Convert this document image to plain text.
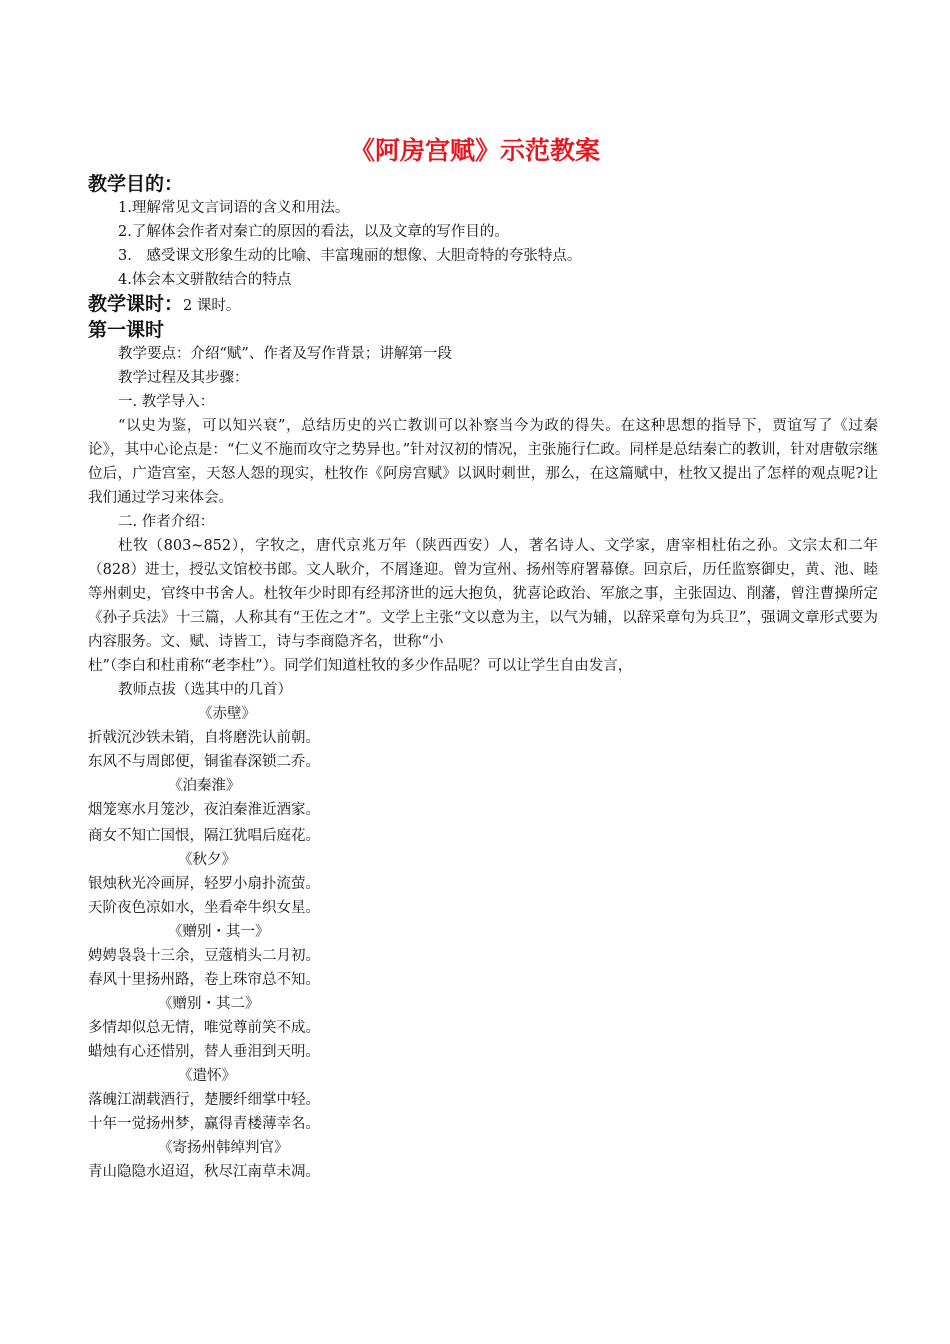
《阿房宫赋》示范教案
教学目的：
1.理解常见文言词语的含义和用法。
2.了解体会作者对秦亡的原因的看法，以及文章的写作目的。
3.　感受课文形象生动的比喻、丰富瑰丽的想像、大胆奇特的夸张特点。
4.体会本文骈散结合的特点
教学课时：2 课时。
第一课时
教学要点：介绍“赋”、作者及写作背景；讲解第一段
教学过程及其步骤：
一. 教学导入：
“以史为鉴，可以知兴衰”，总结历史的兴亡教训可以补察当今为政的得失。在这种思想的指导下，贾谊写了《过秦论》，其中心论点是：“仁义不施而攻守之势异也。”针对汉初的情况，主张施行仁政。同样是总结秦亡的教训，针对唐敬宗继位后，广造宫室，天怒人怨的现实，杜牧作《阿房宫赋》以讽时刺世，那么，在这篇赋中，杜牧又提出了怎样的观点呢?让我们通过学习来体会。
二. 作者介绍：
杜牧（803~852），字牧之，唐代京兆万年（陕西西安）人，著名诗人、文学家，唐宰相杜佑之孙。文宗太和二年（828）进士，授弘文馆校书郎。文人耿介，不屑逢迎。曾为宣州、扬州等府署幕僚。回京后，历任监察御史，黄、池、睦等州刺史，官终中书舍人。杜牧年少时即有经邦济世的远大抱负，犹喜论政治、军旅之事，主张固边、削藩，曾注曹操所定《孙子兵法》十三篇，人称其有“王佐之才”。文学上主张“文以意为主，以气为辅，以辞采章句为兵卫”，强调文章形式要为内容服务。文、赋、诗皆工，诗与李商隐齐名，世称“小
杜”（李白和杜甫称“老李杜”）。同学们知道杜牧的多少作品呢？可以让学生自由发言，
教师点拔（选其中的几首）
《赤壁》
折戟沉沙铁未销，自将磨洗认前朝。
东风不与周郎便，铜雀春深锁二乔。
《泊秦淮》
烟笼寒水月笼沙，夜泊秦淮近酒家。
商女不知亡国恨，隔江犹唱后庭花。
《秋夕》
银烛秋光冷画屏，轻罗小扇扑流萤。
天阶夜色凉如水，坐看牵牛织女星。
《赠别・其一》
娉娉袅袅十三余，豆蔻梢头二月初。
春风十里扬州路，卷上珠帘总不知。
《赠别・其二》
多情却似总无情，唯觉尊前笑不成。
蜡烛有心还惜别，替人垂泪到天明。
《遣怀》
落魄江湖载酒行，楚腰纤细掌中轻。
十年一觉扬州梦，赢得青楼薄幸名。
《寄扬州韩绰判官》
青山隐隐水迢迢，秋尽江南草未凋。
